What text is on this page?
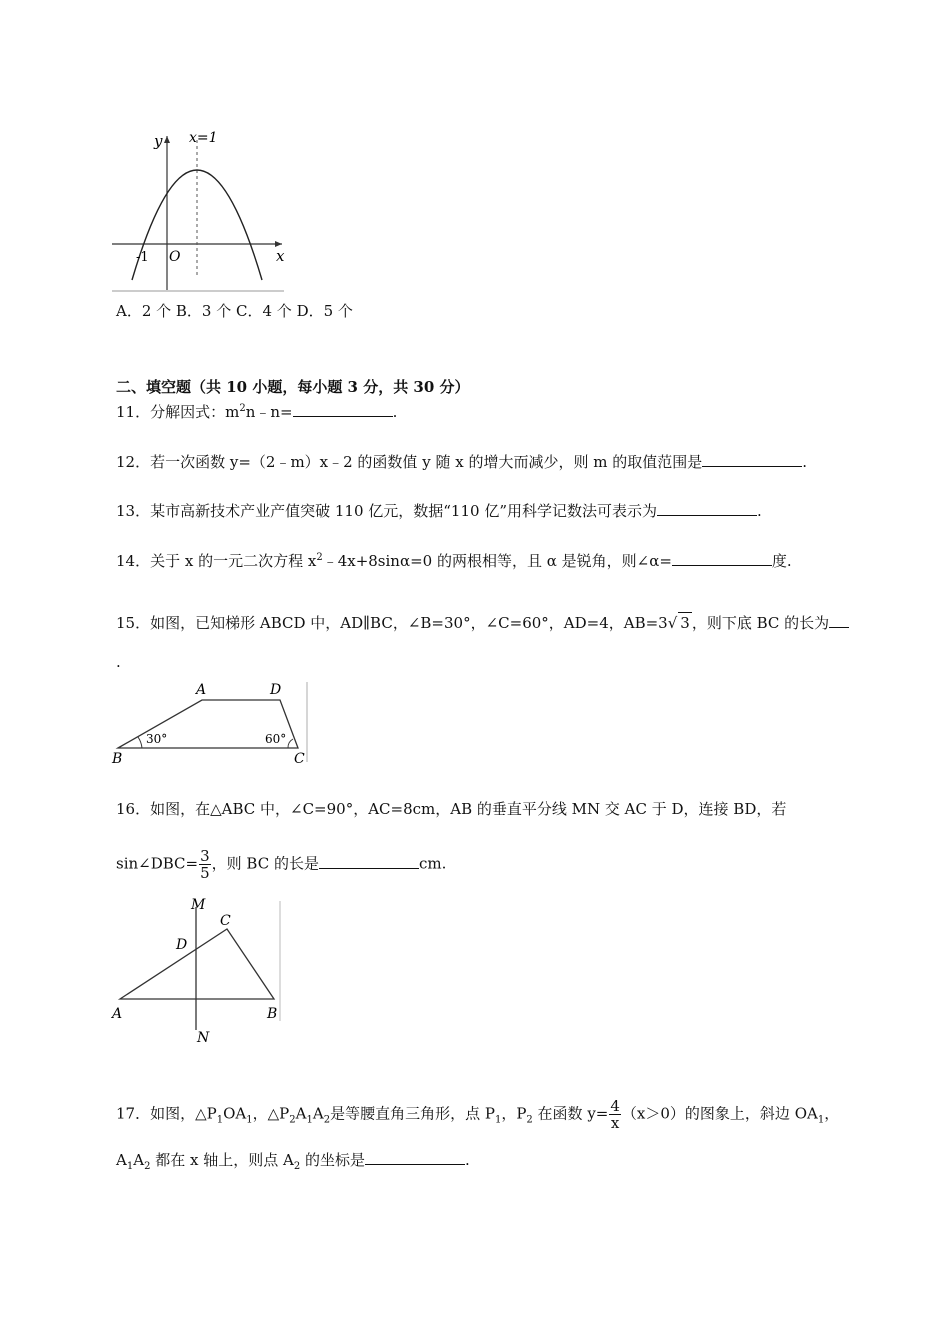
y
x
x=1
O
-1
A．2 个 B．3 个 C．4 个 D．5 个
二、填空题（共 10 小题，每小题 3 分，共 30 分）
11．分解因式：$m^2n﹣n=$	.
12．若一次函数 y=（2﹣m）x﹣2 的函数值 y 随 x 的增大而减少，则 m 的取值范围是	.
13．某市高新技术产业产值突破 110 亿元，数据“110 亿”用科学记数法可表示为	.
14．关于 x 的一元二次方程 $x^2﹣4x+8\sin\alpha=0$ 的两根相等，且 α 是锐角，则∠α=	度.
15．如图，已知梯形 ABCD 中，AD∥BC，∠B=30°，∠C=60°，AD=4，AB=3√ 3 ，则下底 BC 的长为
.
A	D
B	C
30°	60°
16．如图，在△ABC 中，∠C=90°，AC=8cm，AB 的垂直平分线 MN 交 AC 于 D，连接 BD，若
sin∠DBC= $\frac{3}{5}$ ，则 BC 的长是	cm.
M
C
D
A	B
N
17．如图，$\triangle P_1OA_1$，$\triangle P_2A_1A_2$是等腰直角三角形，点 $P_1$，$P_2$ 在函数 $y= \frac{4}{x} (x>0)$的图象上，斜边 $OA_1$，
$A_1A_2$ 都在 x 轴上，则点 $A_2$ 的坐标是	.
